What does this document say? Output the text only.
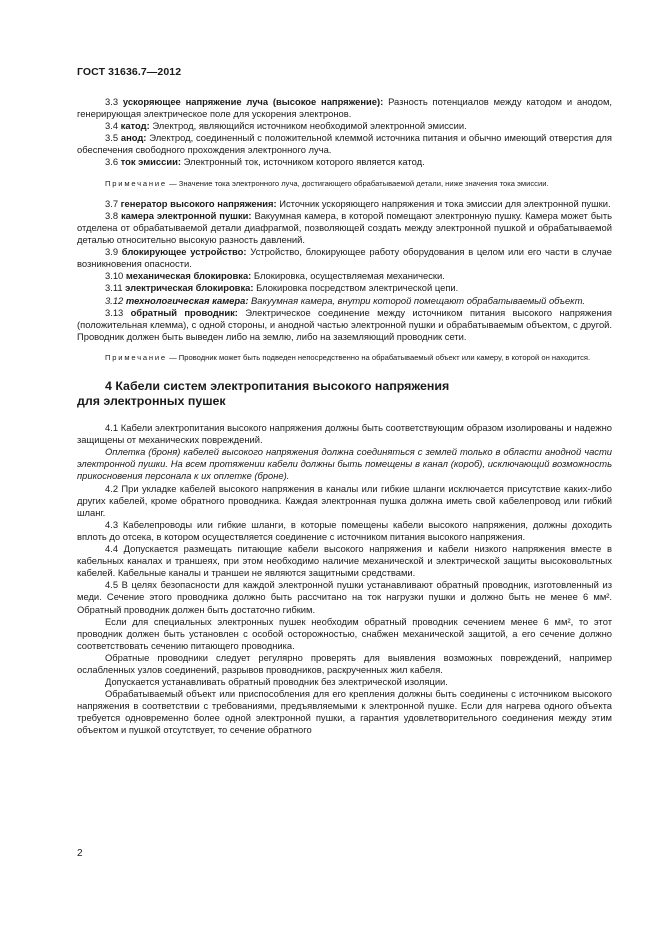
ГОСТ 31636.7—2012

3.3 ускоряющее напряжение луча (высокое напряжение): Разность потенциалов между катодом и анодом, генерирующая электрическое поле для ускорения электронов.

3.4 катод: Электрод, являющийся источником необходимой электронной эмиссии.

3.5 анод: Электрод, соединенный с положительной клеммой источника питания и обычно имеющий отверстия для обеспечения свободного прохождения электронного луча.

3.6 ток эмиссии: Электронный ток, источником которого является катод.

Примечание — Значение тока электронного луча, достигающего обрабатываемой детали, ниже значения тока эмиссии.

3.7 генератор высокого напряжения: Источник ускоряющего напряжения и тока эмиссии для электронной пушки.

3.8 камера электронной пушки: Вакуумная камера, в которой помещают электронную пушку. Камера может быть отделена от обрабатываемой детали диафрагмой, позволяющей создать между электронной пушкой и обрабатываемой деталью относительно высокую разность давлений.

3.9 блокирующее устройство: Устройство, блокирующее работу оборудования в целом или его части в случае возникновения опасности.

3.10 механическая блокировка: Блокировка, осуществляемая механически.

3.11 электрическая блокировка: Блокировка посредством электрической цепи.

3.12 технологическая камера: Вакуумная камера, внутри которой помещают обрабатываемый объект.

3.13 обратный проводник: Электрическое соединение между источником питания высокого напряжения (положительная клемма), с одной стороны, и анодной частью электронной пушки и обрабатываемым объектом, с другой. Проводник должен быть выведен либо на землю, либо на заземляющий проводник сети.

Примечание — Проводник может быть подведен непосредственно на обрабатываемый объект или камеру, в которой он находится.

4 Кабели систем электропитания высокого напряжения
для электронных пушек

4.1 Кабели электропитания высокого напряжения должны быть соответствующим образом изолированы и надежно защищены от механических повреждений.

Оплетка (броня) кабелей высокого напряжения должна соединяться с землей только в области анодной части электронной пушки. На всем протяжении кабели должны быть помещены в канал (короб), исключающий возможность прикосновения персонала к их оплетке (броне).

4.2 При укладке кабелей высокого напряжения в каналы или гибкие шланги исключается присутствие каких-либо других кабелей, кроме обратного проводника. Каждая электронная пушка должна иметь свой кабелепровод или гибкий шланг.

4.3 Кабелепроводы или гибкие шланги, в которые помещены кабели высокого напряжения, должны доходить вплоть до отсека, в котором осуществляется соединение с источником питания высокого напряжения.

4.4 Допускается размещать питающие кабели высокого напряжения и кабели низкого напряжения вместе в кабельных каналах и траншеях, при этом необходимо наличие механической и электрической защиты высоковольтных кабелей. Кабельные каналы и траншеи не являются защитными средствами.

4.5 В целях безопасности для каждой электронной пушки устанавливают обратный проводник, изготовленный из меди. Сечение этого проводника должно быть рассчитано на ток нагрузки пушки и должно быть не менее 6 мм². Обратный проводник должен быть достаточно гибким.

Если для специальных электронных пушек необходим обратный проводник сечением менее 6 мм², то этот проводник должен быть установлен с особой осторожностью, снабжен механической защитой, а его сечение должно соответствовать сечению питающего проводника.

Обратные проводники следует регулярно проверять для выявления возможных повреждений, например ослабленных узлов соединений, разрывов проводников, раскрученных жил кабеля.

Допускается устанавливать обратный проводник без электрической изоляции.

Обрабатываемый объект или приспособления для его крепления должны быть соединены с источником высокого напряжения в соответствии с требованиями, предъявляемыми к электронной пушке. Если для нагрева одного объекта требуется одновременно более одной электронной пушки, а гарантия удовлетворительного соединения между этим объектом и пушкой отсутствует, то сечение обратного

2
